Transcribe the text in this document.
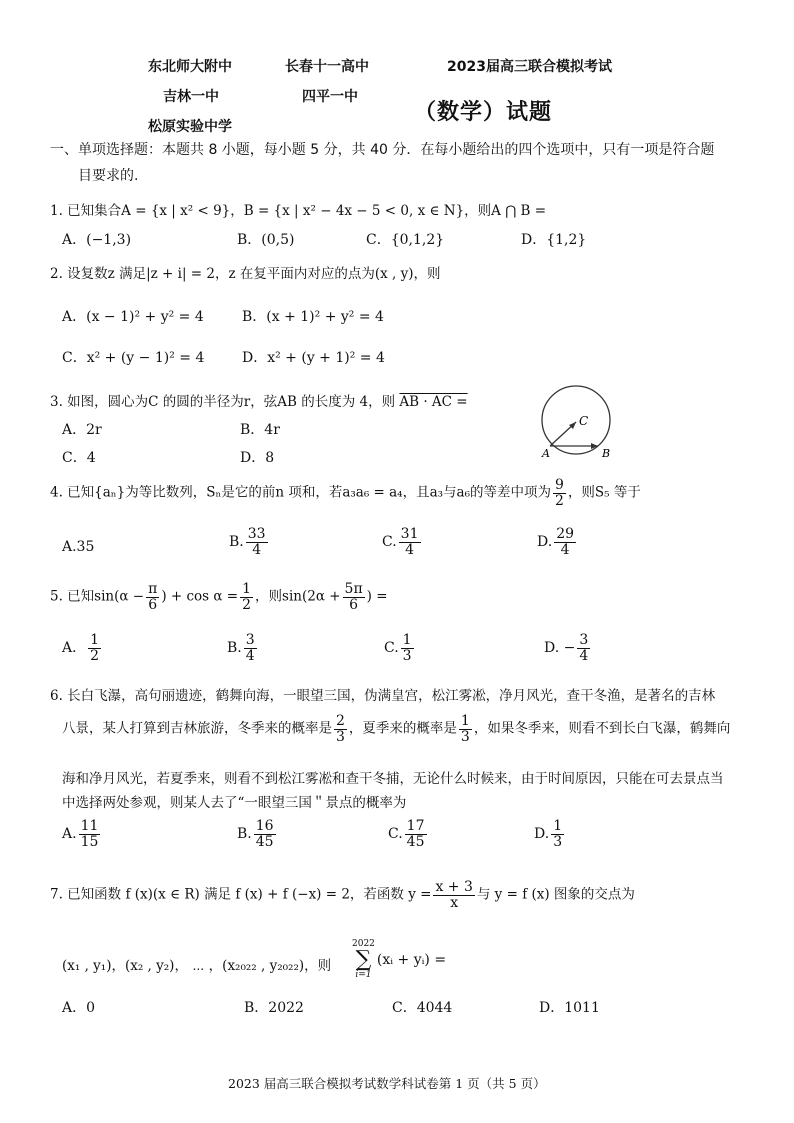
东北师大附中	长春十一高中	2023届高三联合模拟考试
吉林一中	四平一中
（数学）试题
松原实验中学
一、单项选择题：本题共 8 小题，每小题 5 分，共 40 分．在每小题给出的四个选项中，只有一项是符合题
目要求的.
1. 已知集合A = {x | x² < 9}，B = {x | x² − 4x − 5 < 0, x ∈ N}，则A ⋂ B =
A．(−1,3)	B．(0,5)	C．{0,1,2}	D．{1,2}
2. 设复数z 满足|z + i| = 2，z 在复平面内对应的点为(x , y)，则
A．(x − 1)² + y² = 4	B．(x + 1)² + y² = 4
C．x² + (y − 1)² = 4	D．x² + (y + 1)² = 4
3. 如图，圆心为C 的圆的半径为r，弦AB 的长度为 4，则 AB · AC =
A．2r	B．4r
C．4	D．8
C
A	B
4. 已知{aₙ}为等比数列，Sₙ是它的前n 项和，若a₃a₆ = a₄，且a₃与a₆的等差中项为 $\frac{9}{2}$ ，则S₅ 等于
A.35	B. $\frac{33}{4}$	C. $\frac{31}{4}$	D. $\frac{29}{4}$
5. 已知$\sin(\alpha - \frac{\pi}{6}$ ) + $\cos \alpha = \frac{1}{2}$ ，则$\sin(2\alpha + \frac{5\pi}{6}$ ) =
A． $\frac{1}{2}$	B. $\frac{3}{4}$	C. $\frac{1}{3}$	D. − $\frac{3}{4}$
6. 长白飞瀑，高句丽遗迹，鹤舞向海，一眼望三国，伪满皇宫，松江雾凇，净月风光，查干冬渔，是著名的吉林
八景，某人打算到吉林旅游，冬季来的概率是 $\frac{2}{3}$ ，夏季来的概率是 $\frac{1}{3}$ ，如果冬季来，则看不到长白飞瀑，鹤舞向
海和净月风光，若夏季来，则看不到松江雾凇和查干冬捕，无论什么时候来，由于时间原因，只能在可去景点当
中选择两处参观，则某人去了“一眼望三国＂景点的概率为
A. $\frac{11}{15}$	B. $\frac{16}{45}$	C. $\frac{17}{45}$	D. $\frac{1}{3}$
7. 已知函数 f (x)(x ∈ R) 满足 f (x) + f (−x) = 2，若函数 $y = \frac{x + 3}{x}$ 与 y = f (x) 图象的交点为
(x₁ , y₁)，(x₂ , y₂)， ⋯ ，(x₂₀₂₂ , y₂₀₂₂)，则
2022
∑
i=1
(xᵢ + yᵢ) =
A．0	B．2022	C．4044	D．1011
2023 届高三联合模拟考试数学科试卷第 1 页（共 5 页）
